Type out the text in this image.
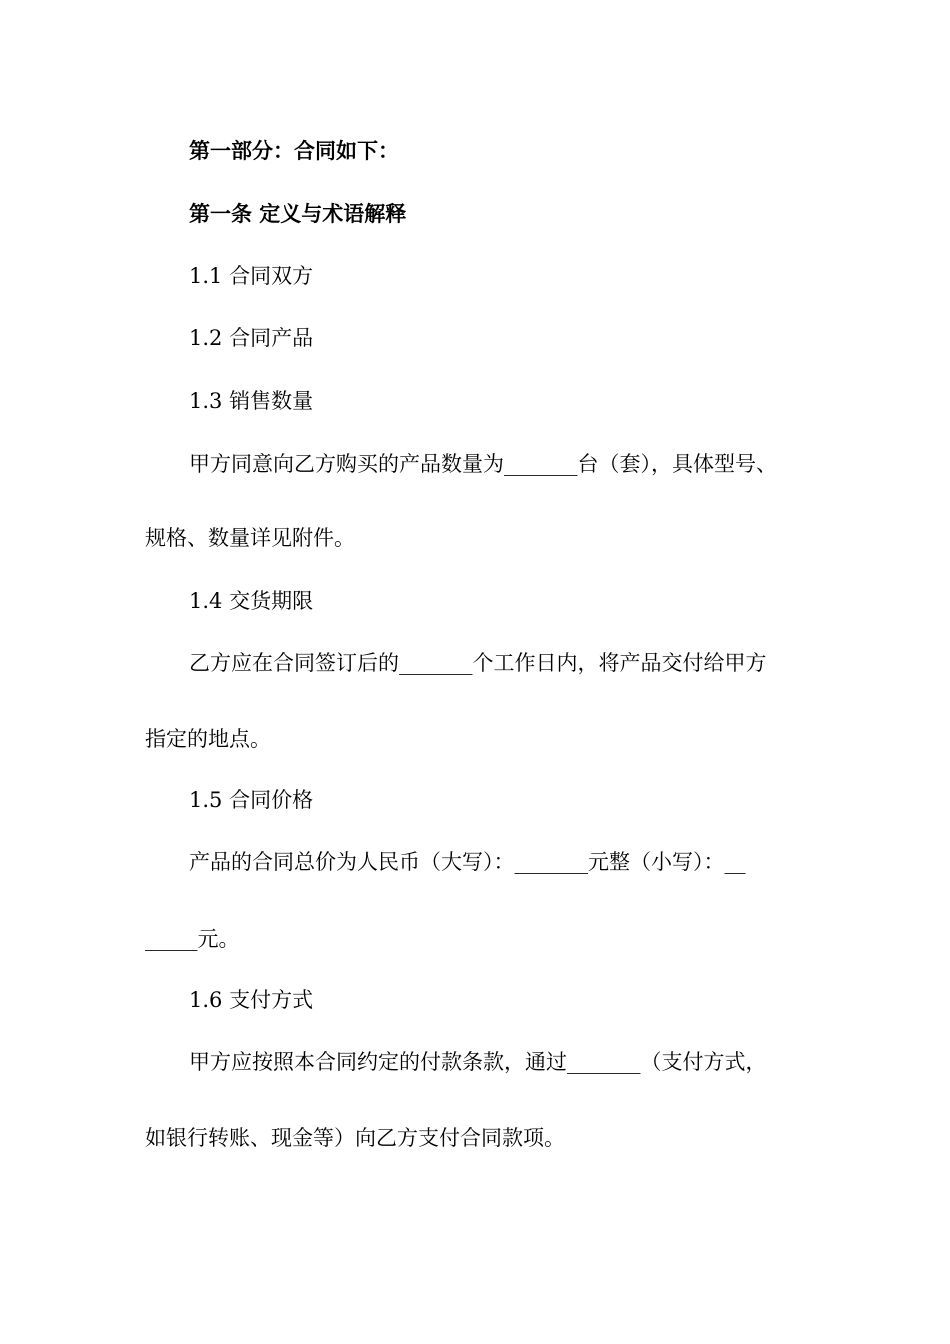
第一部分：合同如下：
第一条 定义与术语解释
1.1 合同双方
1.2 合同产品
1.3 销售数量
甲方同意向乙方购买的产品数量为_______台（套），具体型号、
规格、数量详见附件。
1.4 交货期限
乙方应在合同签订后的_______个工作日内，将产品交付给甲方
指定的地点。
1.5 合同价格
产品的合同总价为人民币（大写）：_______元整（小写）：__
_____元。
1.6 支付方式
甲方应按照本合同约定的付款条款，通过_______（支付方式，
如银行转账、现金等）向乙方支付合同款项。
